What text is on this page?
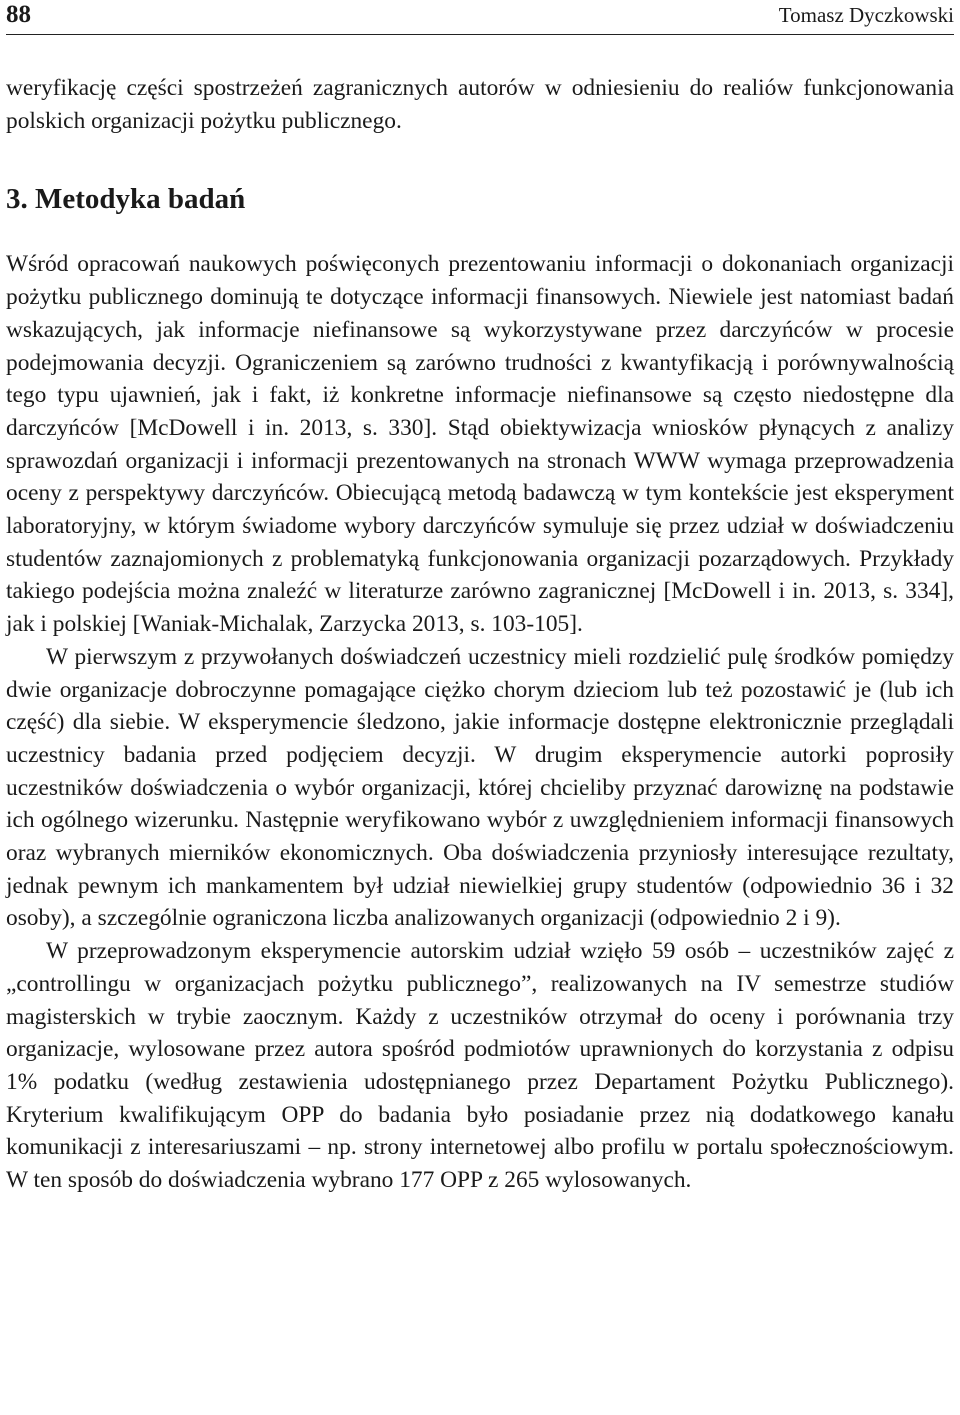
88	Tomasz Dyczkowski

weryfikację części spostrzeżeń zagranicznych autorów w odniesieniu do realiów funkcjonowania polskich organizacji pożytku publicznego.

3. Metodyka badań

Wśród opracowań naukowych poświęconych prezentowaniu informacji o dokonaniach organizacji pożytku publicznego dominują te dotyczące informacji finansowych. Niewiele jest natomiast badań wskazujących, jak informacje niefinansowe są wykorzystywane przez darczyńców w procesie podejmowania decyzji. Ograniczeniem są zarówno trudności z kwantyfikacją i porównywalnością tego typu ujawnień, jak i fakt, iż konkretne informacje niefinansowe są często niedostępne dla darczyńców [McDowell i in. 2013, s. 330]. Stąd obiektywizacja wniosków płynących z analizy sprawozdań organizacji i informacji prezentowanych na stronach WWW wymaga przeprowadzenia oceny z perspektywy darczyńców. Obiecującą metodą badawczą w tym kontekście jest eksperyment laboratoryjny, w którym świadome wybory darczyńców symuluje się przez udział w doświadczeniu studentów zaznajomionych z problematyką funkcjonowania organizacji pozarządowych. Przykłady takiego podejścia można znaleźć w literaturze zarówno zagranicznej [McDowell i in. 2013, s. 334], jak i polskiej [Waniak-Michalak, Zarzycka 2013, s. 103-105].

W pierwszym z przywołanych doświadczeń uczestnicy mieli rozdzielić pulę środków pomiędzy dwie organizacje dobroczynne pomagające ciężko chorym dzieciom lub też pozostawić je (lub ich część) dla siebie. W eksperymencie śledzono, jakie informacje dostępne elektronicznie przeglądali uczestnicy badania przed podjęciem decyzji. W drugim eksperymencie autorki poprosiły uczestników doświadczenia o wybór organizacji, której chcieliby przyznać darowiznę na podstawie ich ogólnego wizerunku. Następnie weryfikowano wybór z uwzględnieniem informacji finansowych oraz wybranych mierników ekonomicznych. Oba doświadczenia przyniosły interesujące rezultaty, jednak pewnym ich mankamentem był udział niewielkiej grupy studentów (odpowiednio 36 i 32 osoby), a szczególnie ograniczona liczba analizowanych organizacji (odpowiednio 2 i 9).

W przeprowadzonym eksperymencie autorskim udział wzięło 59 osób – uczestników zajęć z „controllingu w organizacjach pożytku publicznego”, realizowanych na IV semestrze studiów magisterskich w trybie zaocznym. Każdy z uczestników otrzymał do oceny i porównania trzy organizacje, wylosowane przez autora spośród podmiotów uprawnionych do korzystania z odpisu 1% podatku (według zestawienia udostępnianego przez Departament Pożytku Publicznego). Kryterium kwalifikującym OPP do badania było posiadanie przez nią dodatkowego kanału komunikacji z interesariuszami – np. strony internetowej albo profilu w portalu społecznościowym. W ten sposób do doświadczenia wybrano 177 OPP z 265 wylosowanych.
